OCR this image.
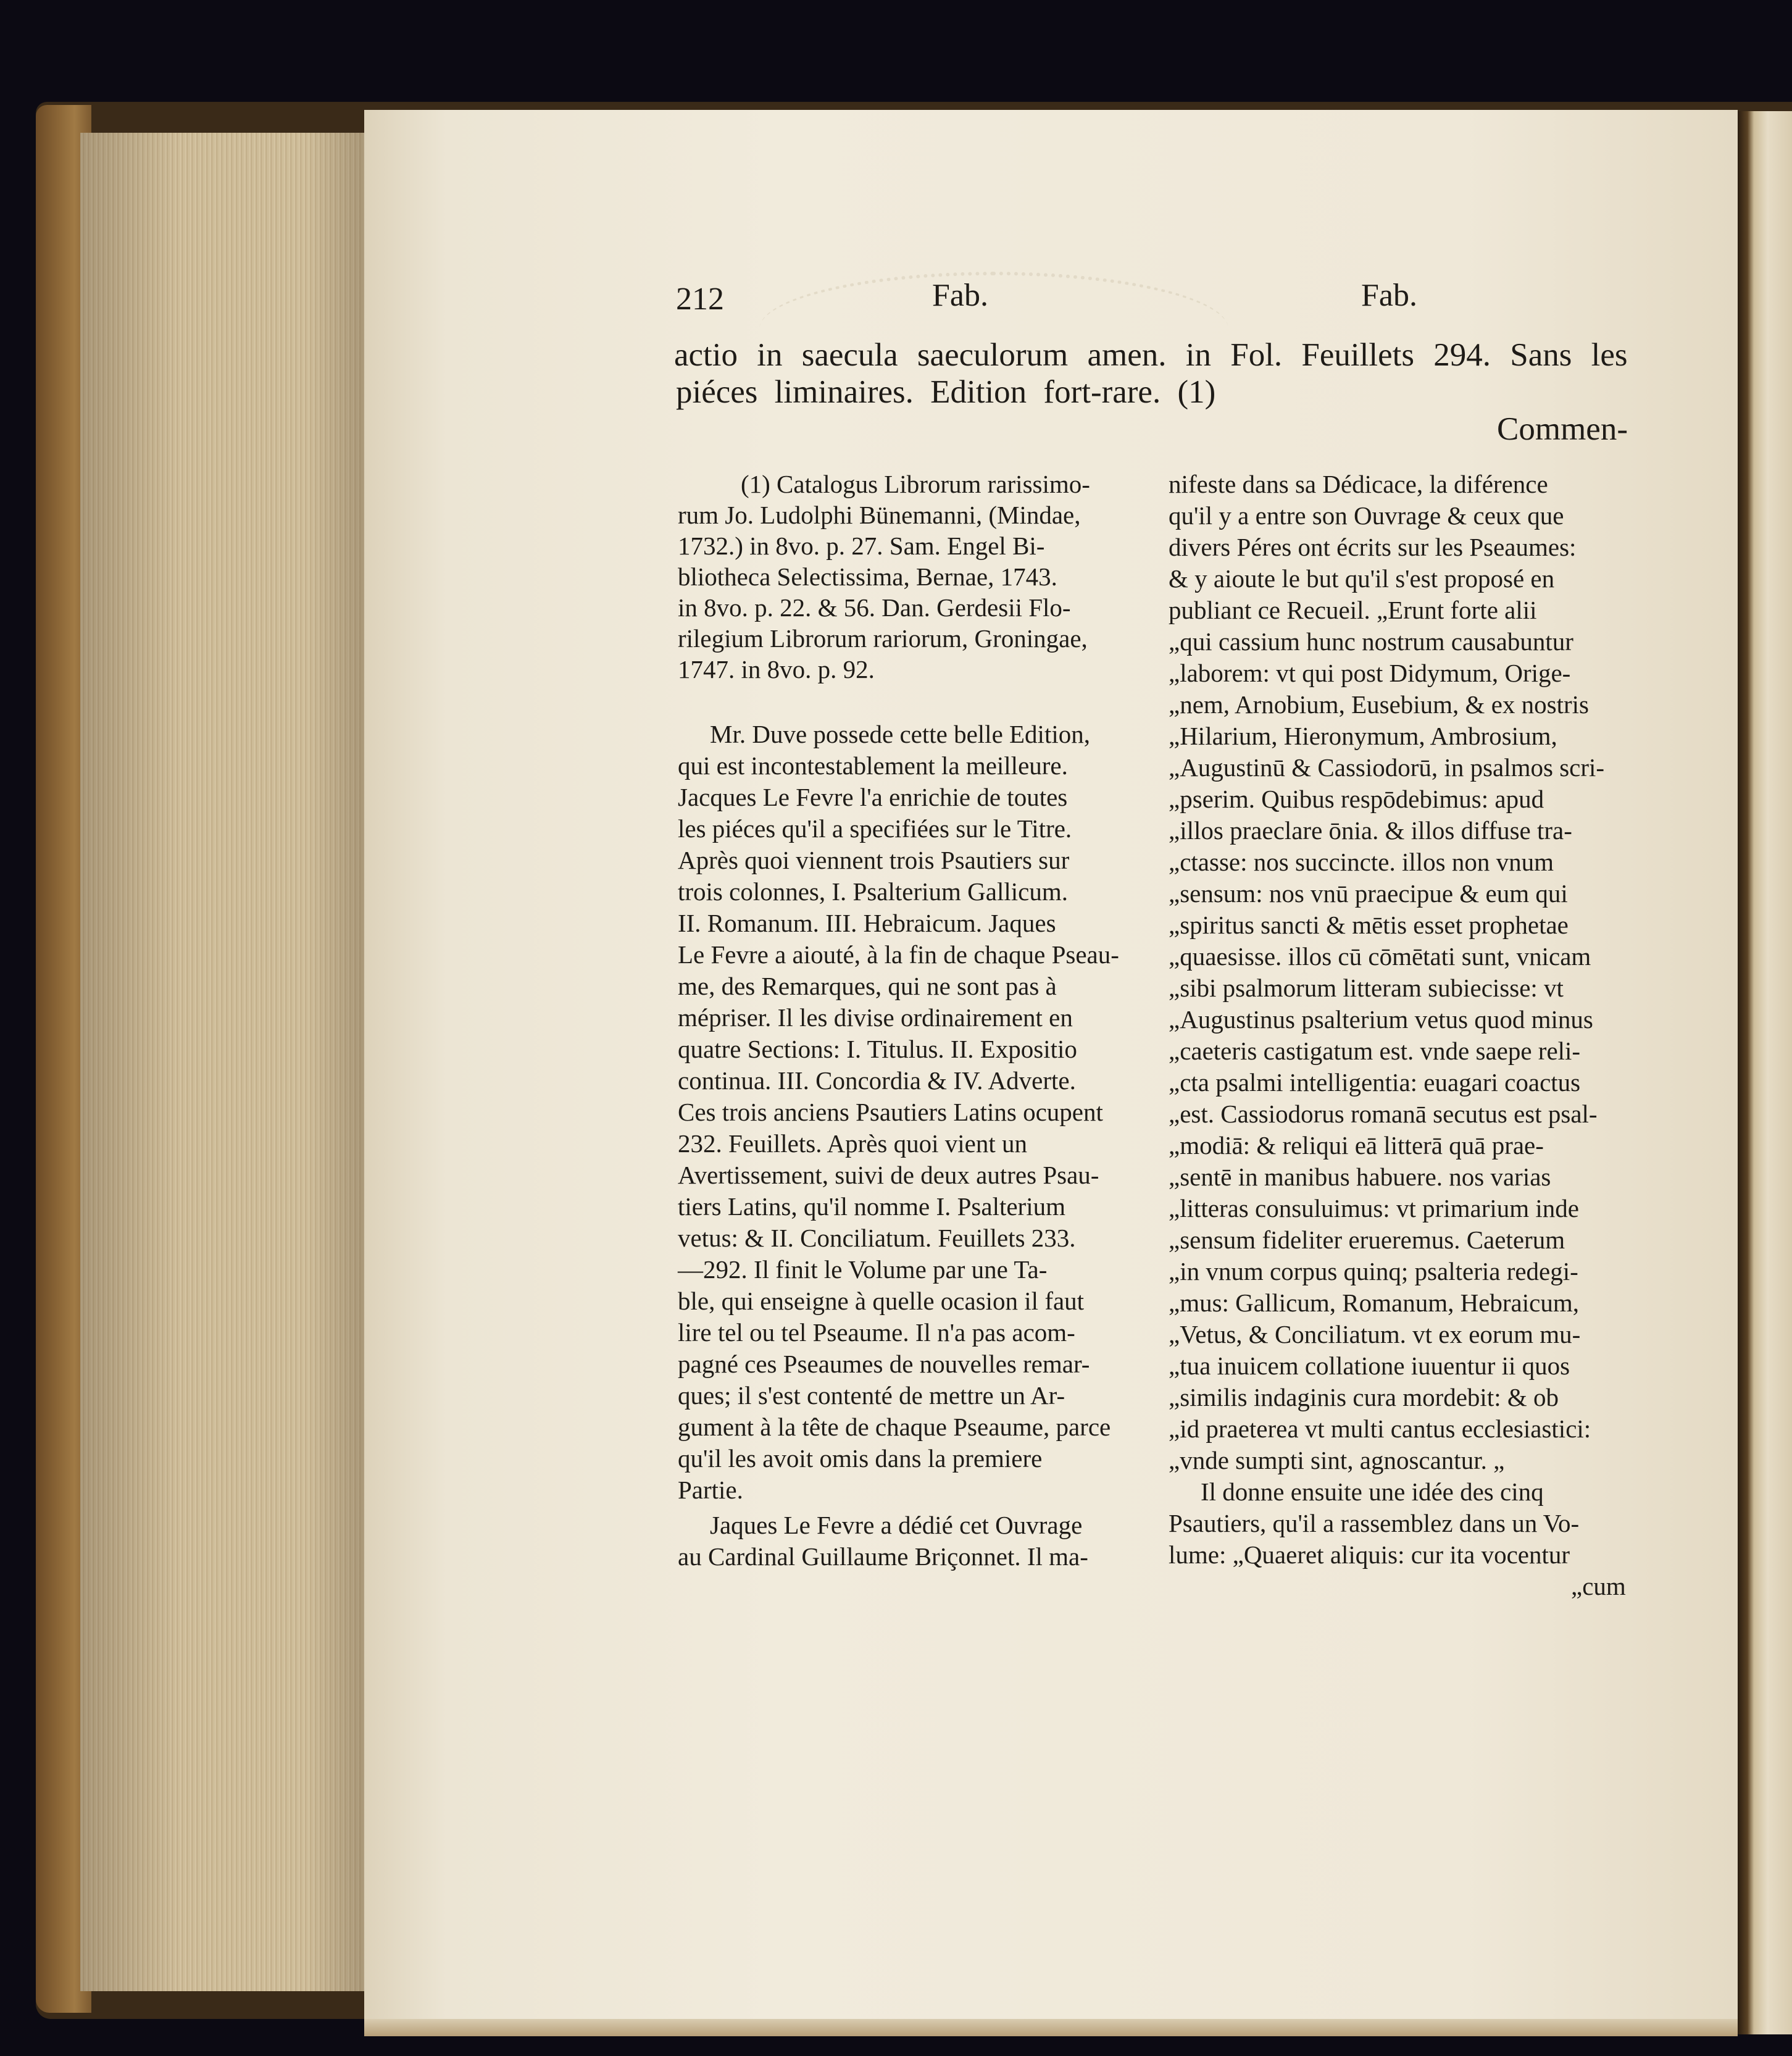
212	Fab.	Fab.
actio in saecula saeculorum amen. in Fol. Feuillets 294. Sans les
piéces liminaires. Edition fort-rare. (1)
Commen-
(1) Catalogus Librorum rarissimo-
rum Jo. Ludolphi Bünemanni, (Mindae,
1732.) in 8vo. p. 27. Sam. Engel Bi-
bliotheca Selectissima, Bernae, 1743.
in 8vo. p. 22. & 56. Dan. Gerdesii Flo-
rilegium Librorum rariorum, Groningae,
1747. in 8vo. p. 92.
Mr. Duve possede cette belle Edition,
qui est incontestablement la meilleure.
Jacques Le Fevre l'a enrichie de toutes
les piéces qu'il a specifiées sur le Titre.
Après quoi viennent trois Psautiers sur
trois colonnes, I. Psalterium Gallicum.
II. Romanum. III. Hebraicum. Jaques
Le Fevre a aiouté, à la fin de chaque Pseau-
me, des Remarques, qui ne sont pas à
mépriser. Il les divise ordinairement en
quatre Sections: I. Titulus. II. Expositio
continua. III. Concordia & IV. Adverte.
Ces trois anciens Psautiers Latins ocupent
232. Feuillets. Après quoi vient un
Avertissement, suivi de deux autres Psau-
tiers Latins, qu'il nomme I. Psalterium
vetus: & II. Conciliatum. Feuillets 233.
—292. Il finit le Volume par une Ta-
ble, qui enseigne à quelle ocasion il faut
lire tel ou tel Pseaume. Il n'a pas acom-
pagné ces Pseaumes de nouvelles remar-
ques; il s'est contenté de mettre un Ar-
gument à la tête de chaque Pseaume, parce
qu'il les avoit omis dans la premiere
Partie.
Jaques Le Fevre a dédié cet Ouvrage
au Cardinal Guillaume Briçonnet. Il ma-
nifeste dans sa Dédicace, la diférence
qu'il y a entre son Ouvrage & ceux que
divers Péres ont écrits sur les Pseaumes:
& y aioute le but qu'il s'est proposé en
publiant ce Recueil. „Erunt forte alii
„qui cassium hunc nostrum causabuntur
„laborem: vt qui post Didymum, Orige-
„nem, Arnobium, Eusebium, & ex nostris
„Hilarium, Hieronymum, Ambrosium,
„Augustinū & Cassiodorū, in psalmos scri-
„pserim. Quibus respōdebimus: apud
„illos praeclare ōnia. & illos diffuse tra-
„ctasse: nos succincte. illos non vnum
„sensum: nos vnū praecipue & eum qui
„spiritus sancti & mētis esset prophetae
„quaesisse. illos cū cōmētati sunt, vnicam
„sibi psalmorum litteram subiecisse: vt
„Augustinus psalterium vetus quod minus
„caeteris castigatum est. vnde saepe reli-
„cta psalmi intelligentia: euagari coactus
„est. Cassiodorus romanā secutus est psal-
„modiā: & reliqui eā litterā quā prae-
„sentē in manibus habuere. nos varias
„litteras consuluimus: vt primarium inde
„sensum fideliter erueremus. Caeterum
„in vnum corpus quinq; psalteria redegi-
„mus: Gallicum, Romanum, Hebraicum,
„Vetus, & Conciliatum. vt ex eorum mu-
„tua inuicem collatione iuuentur ii quos
„similis indaginis cura mordebit: & ob
„id praeterea vt multi cantus ecclesiastici:
„vnde sumpti sint, agnoscantur. „
Il donne ensuite une idée des cinq
Psautiers, qu'il a rassemblez dans un Vo-
lume: „Quaeret aliquis: cur ita vocentur
„cum
